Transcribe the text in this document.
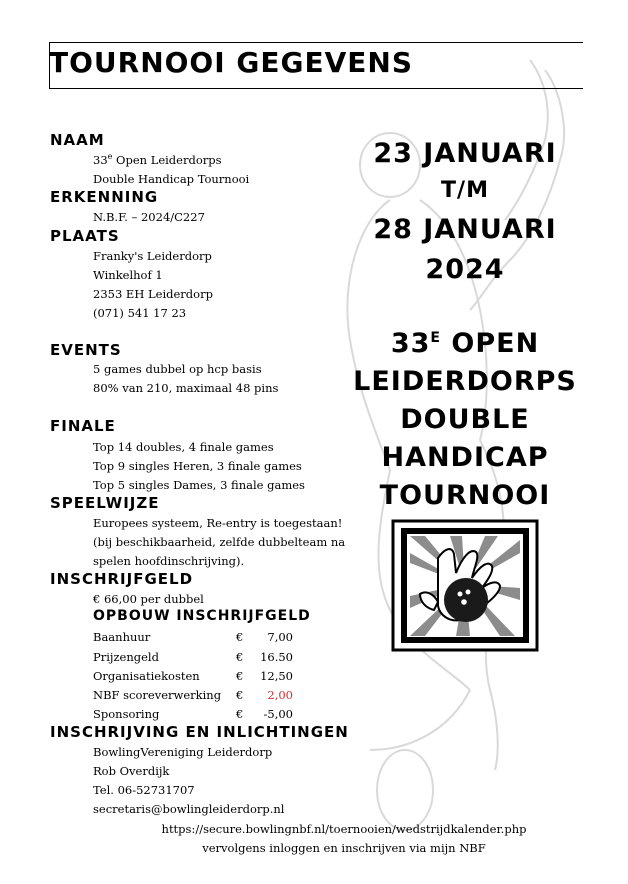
TOURNOOI GEGEVENS
NAAM
33e Open Leiderdorps
Double Handicap Tournooi
ERKENNING
N.B.F. – 2024/C227
PLAATS
Franky's Leiderdorp
Winkelhof 1
2353 EH Leiderdorp
(071) 541 17 23
EVENTS
5 games dubbel op hcp basis
80% van 210, maximaal 48 pins
FINALE
Top 14 doubles, 4 finale games
Top 9 singles Heren, 3 finale games
Top 5 singles Dames, 3 finale games
SPEELWIJZE
Europees systeem, Re-entry is toegestaan!
(bij beschikbaarheid, zelfde dubbelteam na
spelen hoofdinschrijving).
INSCHRIJFGELD
€ 66,00 per dubbel
OPBOUW INSCHRIJFGELD
Baanhuur	€	7,00
Prijzengeld	€	16.50
Organisatiekosten	€	12,50
NBF scoreverwerking €	2,00
Sponsoring	€	-5,00
INSCHRIJVING EN INLICHTINGEN
BowlingVereniging Leiderdorp
Rob Overdijk
Tel. 06-52731707
secretaris@bowlingleiderdorp.nl
https://secure.bowlingnbf.nl/toernooien/wedstrijdkalender.php
vervolgens inloggen en inschrijven via mijn NBF
23 JANUARI
T/M
28 JANUARI
2024
$33^E$ OPEN
LEIDERDORPS
DOUBLE
HANDICAP
TOURNOOI
